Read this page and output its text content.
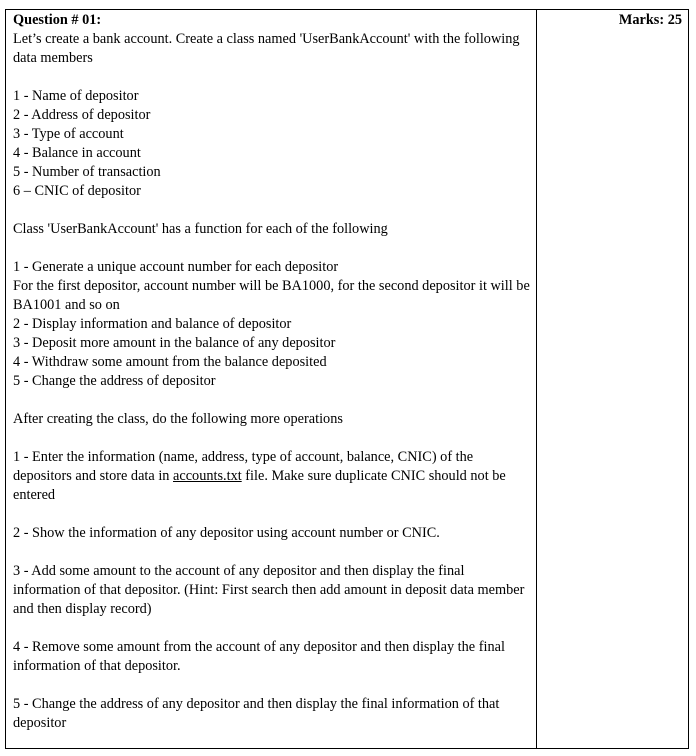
Question # 01:
Let’s create a bank account. Create a class named 'UserBankAccount' with the following data members
1 - Name of depositor
2 - Address of depositor
3 - Type of account
4 - Balance in account
5 - Number of transaction
6 – CNIC of depositor
Class 'UserBankAccount' has a function for each of the following
1 - Generate a unique account number for each depositor
For the first depositor, account number will be BA1000, for the second depositor it will be BA1001 and so on
2 - Display information and balance of depositor
3 - Deposit more amount in the balance of any depositor
4 - Withdraw some amount from the balance deposited
5 - Change the address of depositor
After creating the class, do the following more operations
1 - Enter the information (name, address, type of account, balance, CNIC) of the depositors and store data in accounts.txt file. Make sure duplicate CNIC should not be entered
2 - Show the information of any depositor using account number or CNIC.
3 - Add some amount to the account of any depositor and then display the final information of that depositor. (Hint: First search then add amount in deposit data member and then display record)
4 - Remove some amount from the account of any depositor and then display the final information of that depositor.
5 - Change the address of any depositor and then display the final information of that depositor
Marks: 25
